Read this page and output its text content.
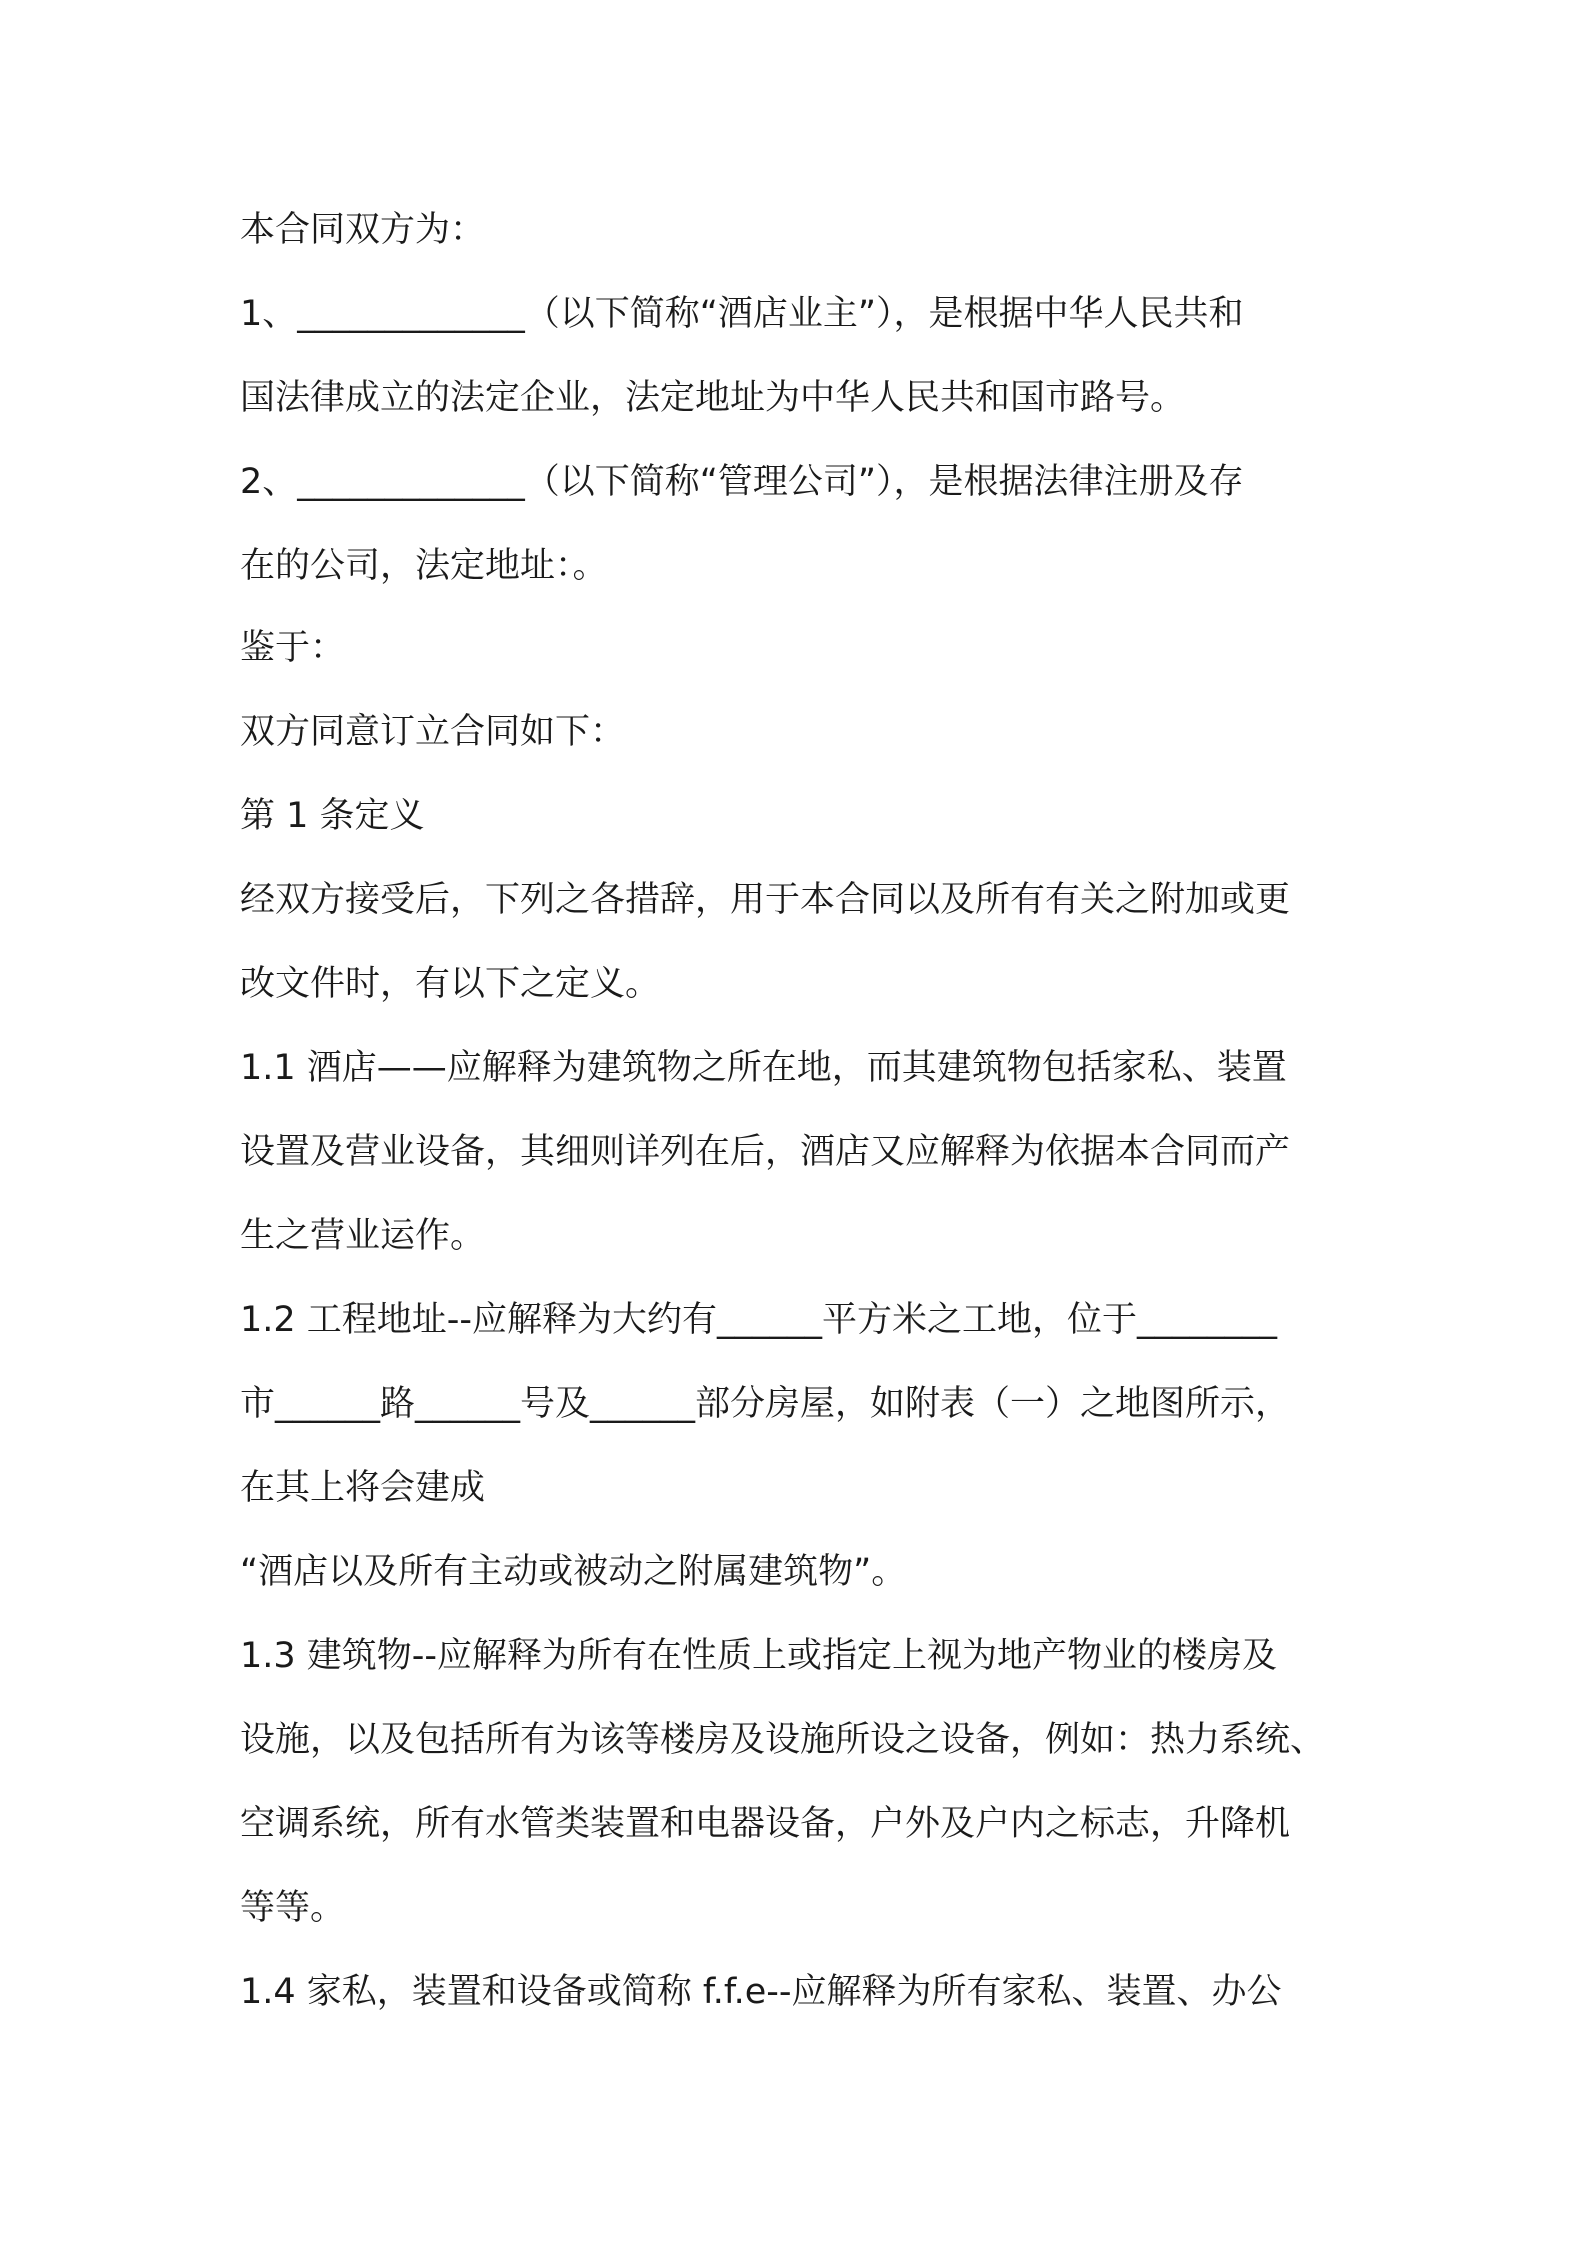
本合同双方为：
1、_____________（以下简称“酒店业主”），是根据中华人民共和
国法律成立的法定企业，法定地址为中华人民共和国市路号。
2、_____________（以下简称“管理公司”），是根据法律注册及存
在的公司，法定地址：。
鉴于：
双方同意订立合同如下：
第 1 条定义
经双方接受后，下列之各措辞，用于本合同以及所有有关之附加或更
改文件时，有以下之定义。
1.1 酒店——应解释为建筑物之所在地，而其建筑物包括家私、装置
设置及营业设备，其细则详列在后，酒店又应解释为依据本合同而产
生之营业运作。
1.2 工程地址--应解释为大约有______平方米之工地，位于________
市______路______号及______部分房屋，如附表（一）之地图所示，
在其上将会建成
“酒店以及所有主动或被动之附属建筑物”。
1.3 建筑物--应解释为所有在性质上或指定上视为地产物业的楼房及
设施，以及包括所有为该等楼房及设施所设之设备，例如：热力系统、
空调系统，所有水管类装置和电器设备，户外及户内之标志，升降机
等等。
1.4 家私，装置和设备或简称 f.f.e--应解释为所有家私、装置、办公
